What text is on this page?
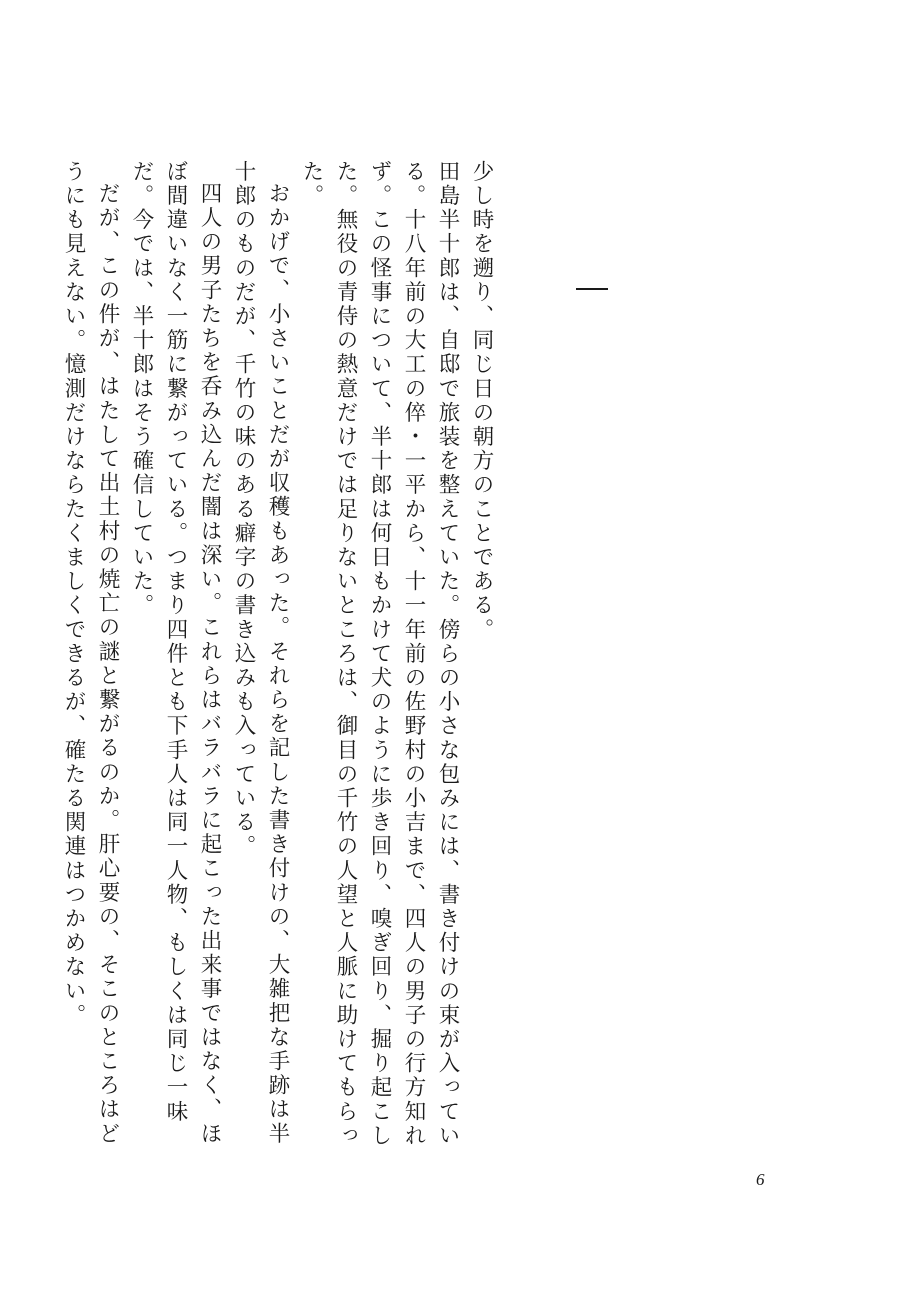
少し時を遡り、同じ日の朝方のことである。

田島半十郎は、自邸で旅装を整えていた。傍らの小さな包みには、書き付けの束が入っている。十八年前の大工の倅・一平から、十一年前の佐野村の小吉まで、四人の男子の行方知れず。この怪事について、半十郎は何日もかけて犬のように歩き回り、嗅ぎ回り、掘り起こした。無役の青侍の熱意だけでは足りないところは、御目の千竹の人望と人脈に助けてもらった。

おかげで、小さいことだが収穫もあった。それらを記した書き付けの、大雑把な手跡は半十郎のものだが、千竹の味のある癖字の書き込みも入っている。

四人の男子たちを呑み込んだ闇は深い。これらはバラバラに起こった出来事ではなく、ほぼ間違いなく一筋に繋がっている。つまり四件とも下手人は同一人物、もしくは同じ一味だ。今では、半十郎はそう確信していた。

だが、この件が、はたして出土村の焼亡の謎と繋がるのか。肝心要の、そこのところはどうにも見えない。憶測だけならたくましくできるが、確たる関連はつかめない。

6
